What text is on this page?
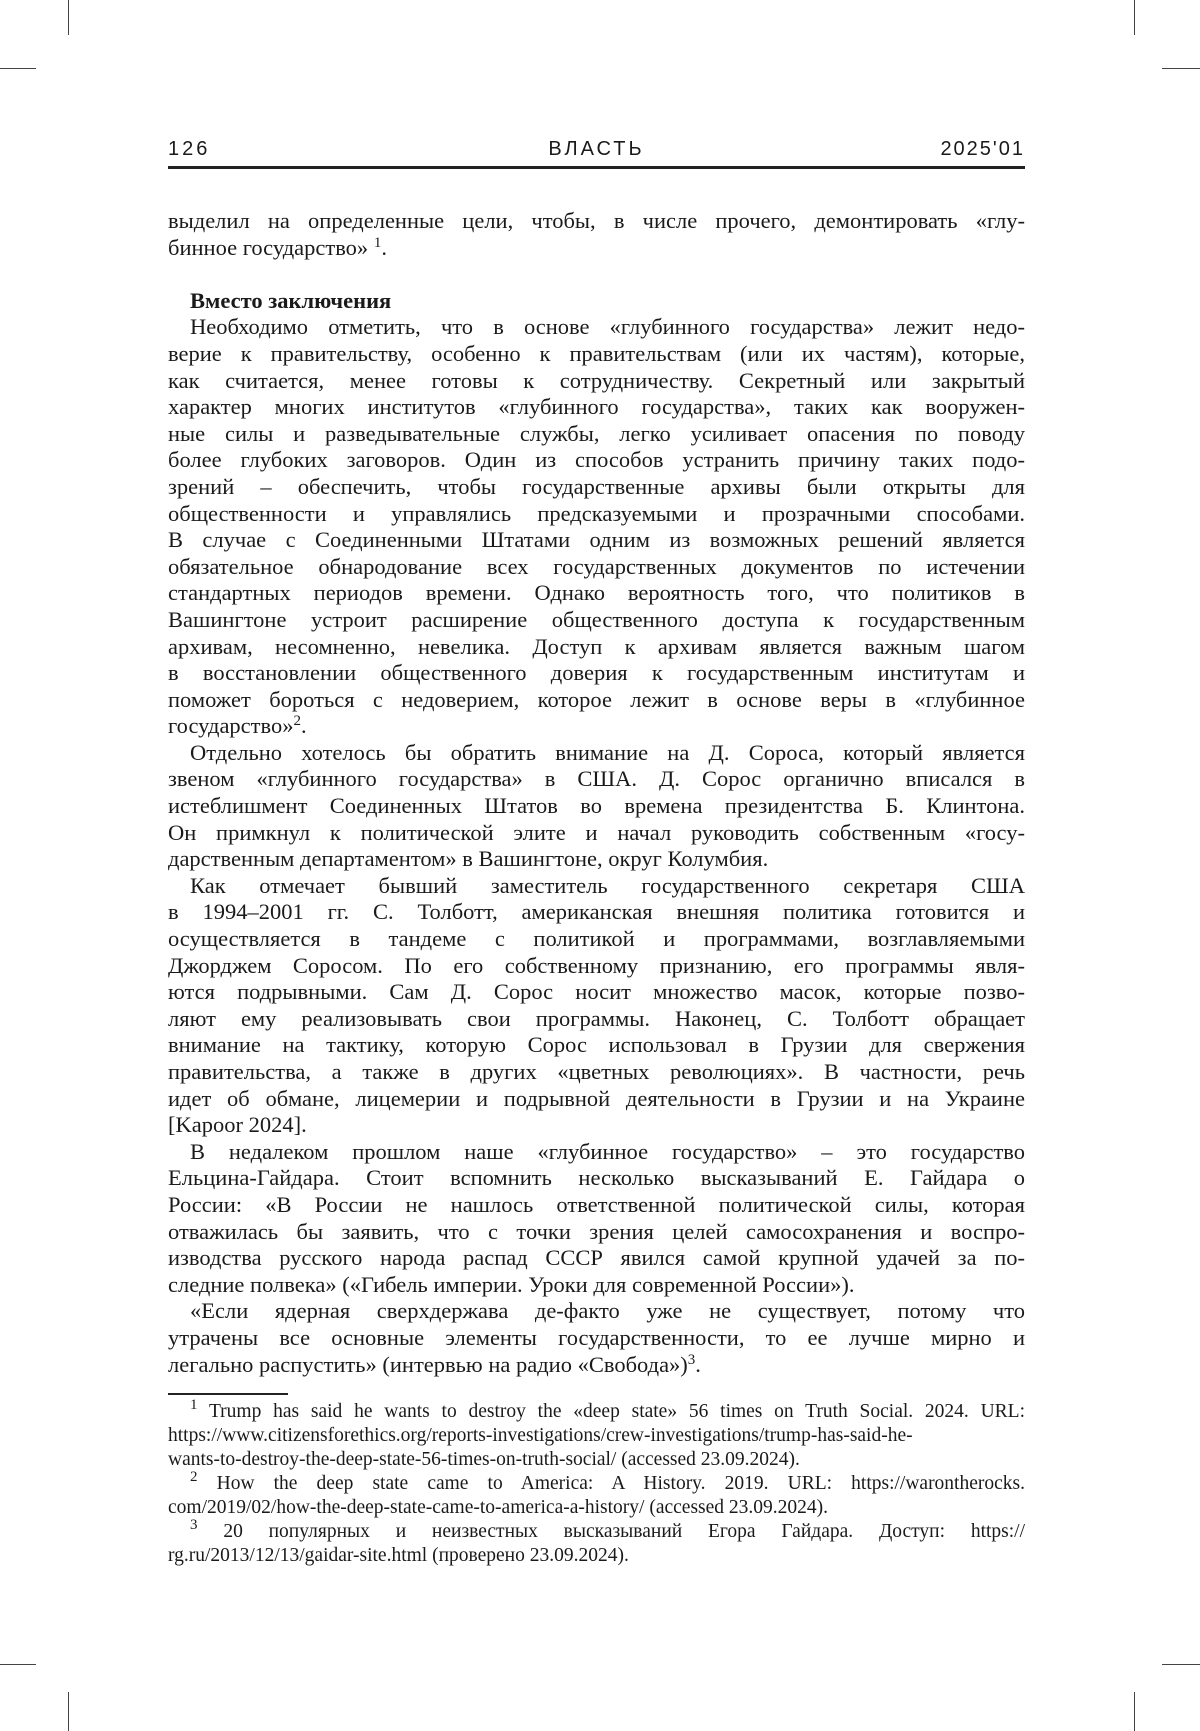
126	ВЛАСТЬ	2025'01
выделил на определенные цели, чтобы, в числе прочего, демонтировать «глу-
бинное государство» 1.
Вместо заключения
Необходимо отметить, что в основе «глубинного государства» лежит недо-
верие к правительству, особенно к правительствам (или их частям), которые,
как считается, менее готовы к сотрудничеству. Секретный или закрытый
характер многих институтов «глубинного государства», таких как вооружен-
ные силы и разведывательные службы, легко усиливает опасения по поводу
более глубоких заговоров. Один из способов устранить причину таких подо-
зрений – обеспечить, чтобы государственные архивы были открыты для
общественности и управлялись предсказуемыми и прозрачными способами.
В случае с Соединенными Штатами одним из возможных решений является
обязательное обнародование всех государственных документов по истечении
стандартных периодов времени. Однако вероятность того, что политиков в
Вашингтоне устроит расширение общественного доступа к государственным
архивам, несомненно, невелика. Доступ к архивам является важным шагом
в восстановлении общественного доверия к государственным институтам и
поможет бороться с недоверием, которое лежит в основе веры в «глубинное
государство»2.
Отдельно хотелось бы обратить внимание на Д. Сороса, который является
звеном «глубинного государства» в США. Д. Сорос органично вписался в
истеблишмент Соединенных Штатов во времена президентства Б. Клинтона.
Он примкнул к политической элите и начал руководить собственным «госу-
дарственным департаментом» в Вашингтоне, округ Колумбия.
Как отмечает бывший заместитель государственного секретаря США
в 1994–2001 гг. С. Толботт, американская внешняя политика готовится и
осуществляется в тандеме с политикой и программами, возглавляемыми
Джорджем Соросом. По его собственному признанию, его программы явля-
ются подрывными. Сам Д. Сорос носит множество масок, которые позво-
ляют ему реализовывать свои программы. Наконец, С. Толботт обращает
внимание на тактику, которую Сорос использовал в Грузии для свержения
правительства, а также в других «цветных революциях». В частности, речь
идет об обмане, лицемерии и подрывной деятельности в Грузии и на Украине
[Kapoor 2024].
В недалеком прошлом наше «глубинное государство» – это государство
Ельцина-Гайдара. Стоит вспомнить несколько высказываний Е. Гайдара о
России: «В России не нашлось ответственной политической силы, которая
отважилась бы заявить, что с точки зрения целей самосохранения и воспро-
изводства русского народа распад СССР явился самой крупной удачей за по-
следние полвека» («Гибель империи. Уроки для современной России»).
«Если ядерная сверхдержава де-факто уже не существует, потому что
утрачены все основные элементы государственности, то ее лучше мирно и
легально распустить» (интервью на радио «Свобода»)3.
1 Trump has said he wants to destroy the «deep state» 56 times on Truth Social. 2024. URL:
https://www.citizensforethics.org/reports-investigations/crew-investigations/trump-has-said-he-
wants-to-destroy-the-deep-state-56-times-on-truth-social/ (accessed 23.09.2024).
2 How the deep state came to America: A History. 2019. URL: https://warontherocks.
com/2019/02/how-the-deep-state-came-to-america-a-history/ (accessed 23.09.2024).
3 20 популярных и неизвестных высказываний Егора Гайдара. Доступ: https://
rg.ru/2013/12/13/gaidar-site.html (проверено 23.09.2024).
